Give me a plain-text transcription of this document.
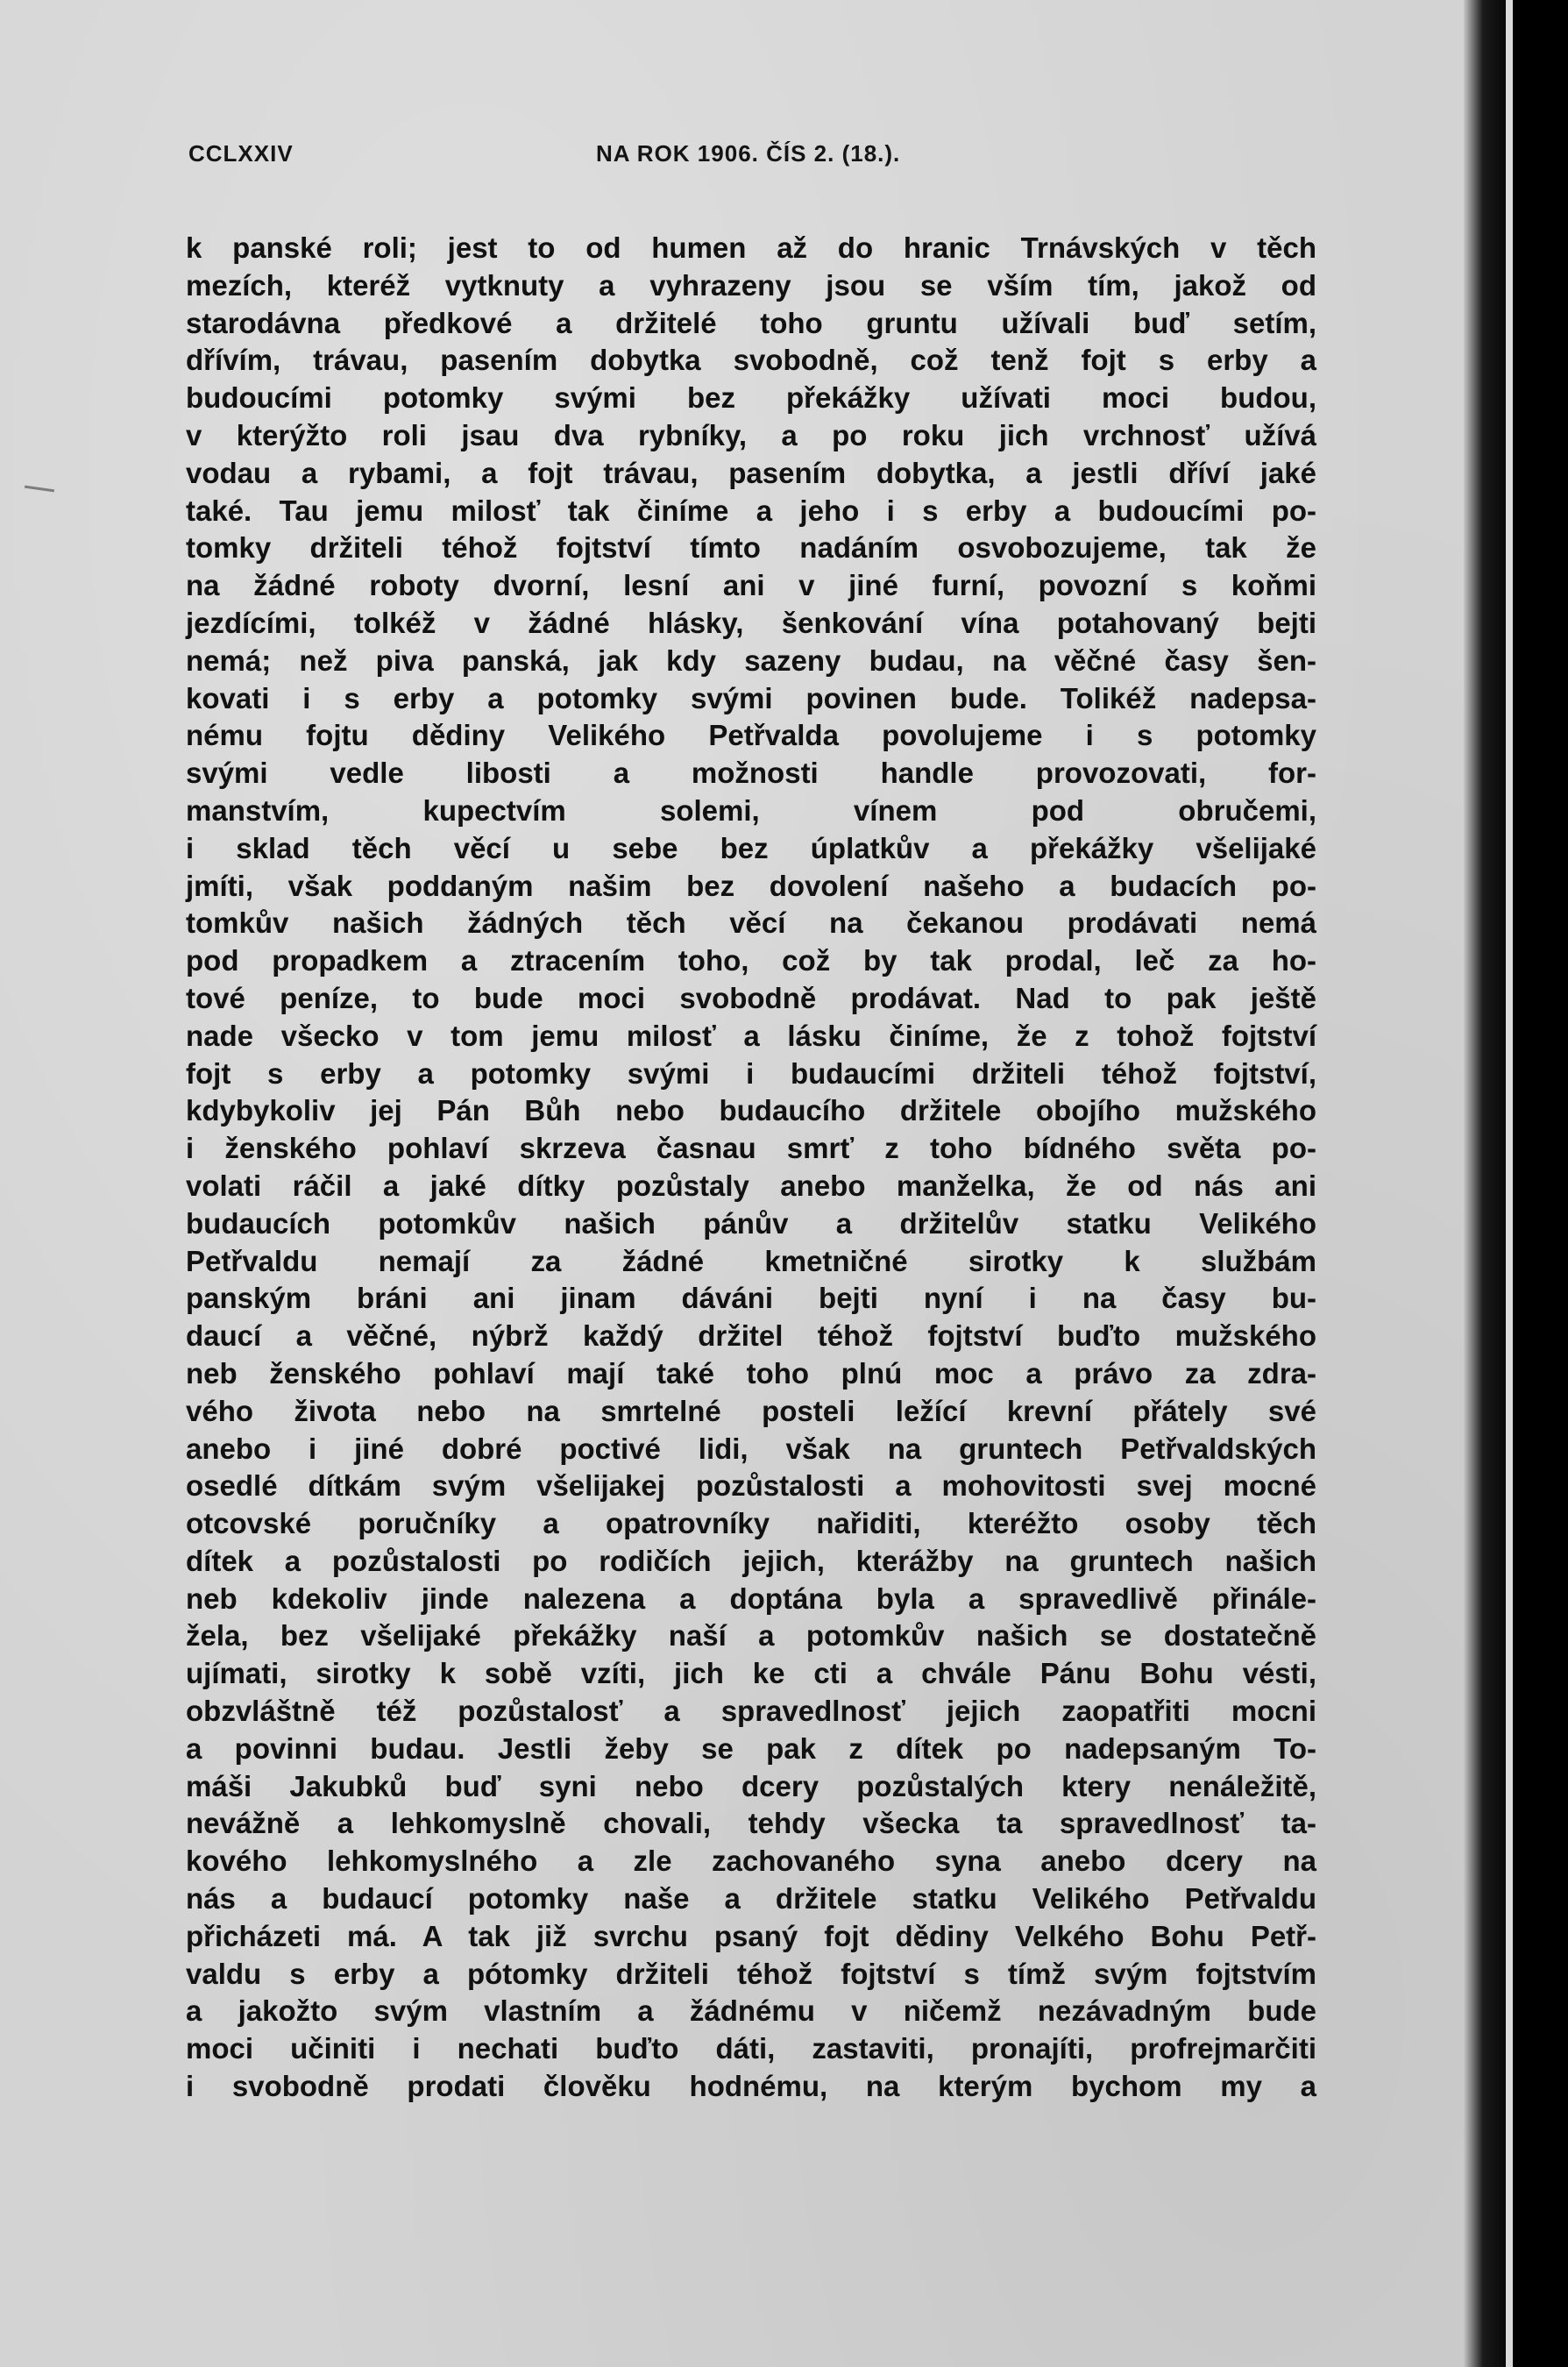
CCLXXIV	NA ROK 1906. ČÍS 2. (18.).
k panské roli; jest to od humen až do hranic Trnávských v těch
mezích, kteréž vytknuty a vyhrazeny jsou se vším tím, jakož od
starodávna předkové a držitelé toho gruntu užívali buď setím,
dřívím, trávau, pasením dobytka svobodně, což tenž fojt s erby a
budoucími potomky svými bez překážky užívati moci budou,
v kterýžto roli jsau dva rybníky, a po roku jich vrchnosť užívá
vodau a rybami, a fojt trávau, pasením dobytka, a jestli dříví jaké
také. Tau jemu milosť tak činíme a jeho i s erby a budoucími po-
tomky držiteli téhož fojtství tímto nadáním osvobozujeme, tak že
na žádné roboty dvorní, lesní ani v jiné furní, povozní s koňmi
jezdícími, tolkéž v žádné hlásky, šenkování vína potahovaný bejti
nemá; než piva panská, jak kdy sazeny budau, na věčné časy šen-
kovati i s erby a potomky svými povinen bude. Tolikéž nadepsa-
nému fojtu dědiny Velikého Petřvalda povolujeme i s potomky
svými vedle libosti a možnosti handle provozovati, for-
manstvím, kupectvím solemi, vínem pod obručemi,
i sklad těch věcí u sebe bez úplatkův a překážky všelijaké
jmíti, však poddaným našim bez dovolení našeho a budacích po-
tomkův našich žádných těch věcí na čekanou prodávati nemá
pod propadkem a ztracením toho, což by tak prodal, leč za ho-
tové peníze, to bude moci svobodně prodávat. Nad to pak ještě
nade všecko v tom jemu milosť a lásku činíme, že z tohož fojtství
fojt s erby a potomky svými i budaucími držiteli téhož fojtství,
kdybykoliv jej Pán Bůh nebo budaucího držitele obojího mužského
i ženského pohlaví skrzeva časnau smrť z toho bídného světa po-
volati ráčil a jaké dítky pozůstaly anebo manželka, že od nás ani
budaucích potomkův našich pánův a držitelův statku Velikého
Petřvaldu nemají za žádné kmetničné sirotky k službám
panským bráni ani jinam dáváni bejti nyní i na časy bu-
daucí a věčné, nýbrž každý držitel téhož fojtství buďto mužského
neb ženského pohlaví mají také toho plnú moc a právo za zdra-
vého života nebo na smrtelné posteli ležící krevní přátely své
anebo i jiné dobré poctivé lidi, však na gruntech Petřvaldských
osedlé dítkám svým všelijakej pozůstalosti a mohovitosti svej mocné
otcovské poručníky a opatrovníky nařiditi, kteréžto osoby těch
dítek a pozůstalosti po rodičích jejich, kterážby na gruntech našich
neb kdekoliv jinde nalezena a doptána byla a spravedlivě přinále-
žela, bez všelijaké překážky naší a potomkův našich se dostatečně
ujímati, sirotky k sobě vzíti, jich ke cti a chvále Pánu Bohu vésti,
obzvláštně též pozůstalosť a spravedlnosť jejich zaopatřiti mocni
a povinni budau. Jestli žeby se pak z dítek po nadepsaným To-
máši Jakubků buď syni nebo dcery pozůstalých ktery nenáležitě,
nevážně a lehkomyslně chovali, tehdy všecka ta spravedlnosť ta-
kového lehkomyslného a zle zachovaného syna anebo dcery na
nás a budaucí potomky naše a držitele statku Velikého Petřvaldu
přicházeti má. A tak již svrchu psaný fojt dědiny Velkého Bohu Petř-
valdu s erby a pótomky držiteli téhož fojtství s tímž svým fojtstvím
a jakožto svým vlastním a žádnému v ničemž nezávadným bude
moci učiniti i nechati buďto dáti, zastaviti, pronajíti, profrejmarčiti
i svobodně prodati člověku hodnému, na kterým bychom my a
